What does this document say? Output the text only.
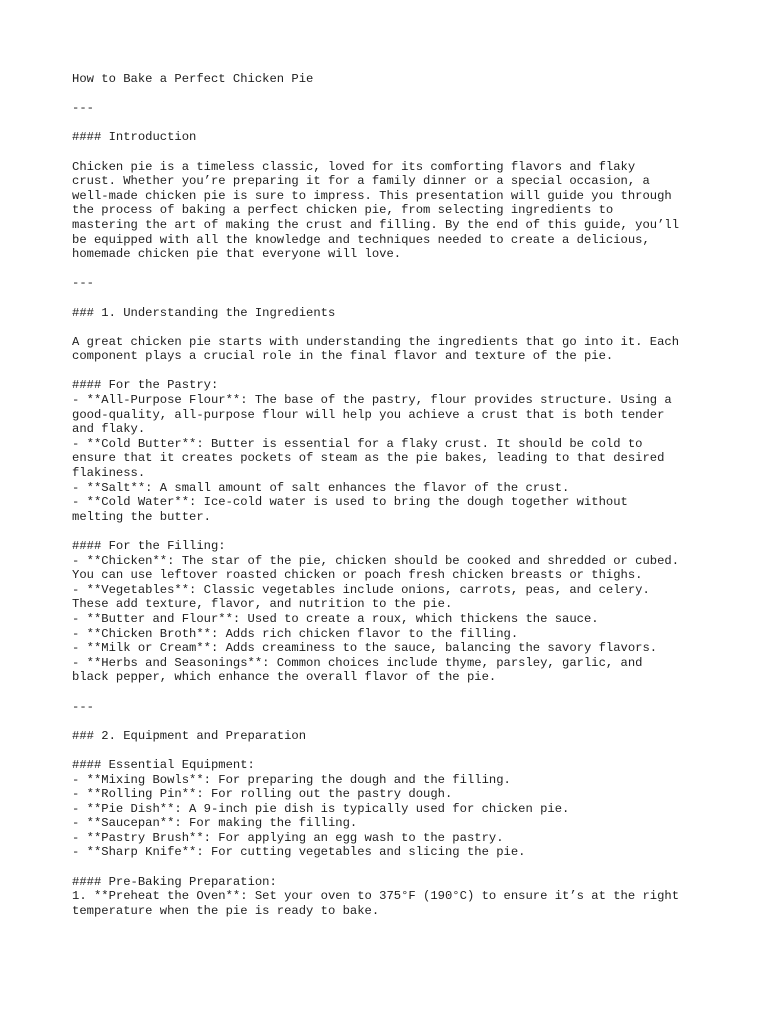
How to Bake a Perfect Chicken Pie
---
#### Introduction
Chicken pie is a timeless classic, loved for its comforting flavors and flaky
crust. Whether you’re preparing it for a family dinner or a special occasion, a
well-made chicken pie is sure to impress. This presentation will guide you through
the process of baking a perfect chicken pie, from selecting ingredients to
mastering the art of making the crust and filling. By the end of this guide, you’ll
be equipped with all the knowledge and techniques needed to create a delicious,
homemade chicken pie that everyone will love.
---
### 1. Understanding the Ingredients
A great chicken pie starts with understanding the ingredients that go into it. Each
component plays a crucial role in the final flavor and texture of the pie.
#### For the Pastry:
- **All-Purpose Flour**: The base of the pastry, flour provides structure. Using a
good-quality, all-purpose flour will help you achieve a crust that is both tender
and flaky.
- **Cold Butter**: Butter is essential for a flaky crust. It should be cold to
ensure that it creates pockets of steam as the pie bakes, leading to that desired
flakiness.
- **Salt**: A small amount of salt enhances the flavor of the crust.
- **Cold Water**: Ice-cold water is used to bring the dough together without
melting the butter.
#### For the Filling:
- **Chicken**: The star of the pie, chicken should be cooked and shredded or cubed.
You can use leftover roasted chicken or poach fresh chicken breasts or thighs.
- **Vegetables**: Classic vegetables include onions, carrots, peas, and celery.
These add texture, flavor, and nutrition to the pie.
- **Butter and Flour**: Used to create a roux, which thickens the sauce.
- **Chicken Broth**: Adds rich chicken flavor to the filling.
- **Milk or Cream**: Adds creaminess to the sauce, balancing the savory flavors.
- **Herbs and Seasonings**: Common choices include thyme, parsley, garlic, and
black pepper, which enhance the overall flavor of the pie.
---
### 2. Equipment and Preparation
#### Essential Equipment:
- **Mixing Bowls**: For preparing the dough and the filling.
- **Rolling Pin**: For rolling out the pastry dough.
- **Pie Dish**: A 9-inch pie dish is typically used for chicken pie.
- **Saucepan**: For making the filling.
- **Pastry Brush**: For applying an egg wash to the pastry.
- **Sharp Knife**: For cutting vegetables and slicing the pie.
#### Pre-Baking Preparation:
1. **Preheat the Oven**: Set your oven to 375°F (190°C) to ensure it’s at the right
temperature when the pie is ready to bake.
